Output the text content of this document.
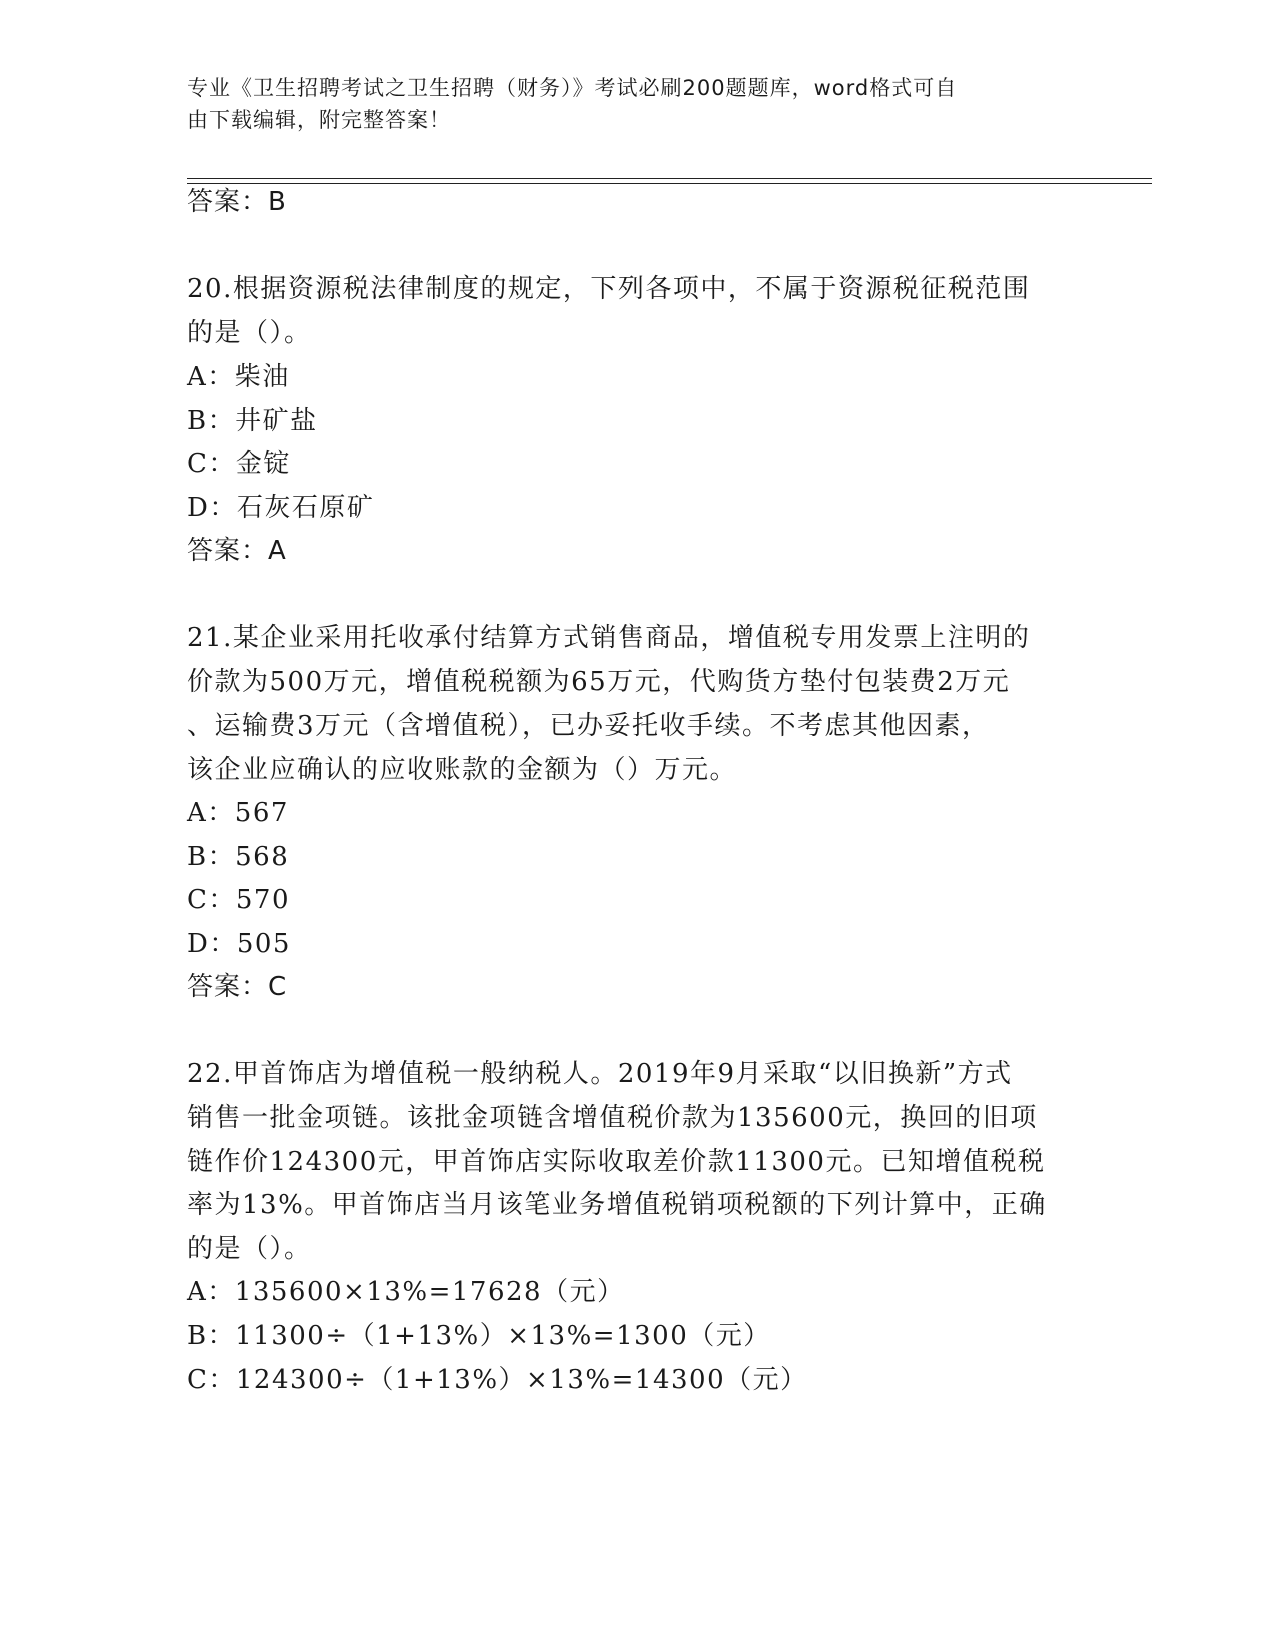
专业《卫生招聘考试之卫生招聘（财务）》考试必刷200题题库，word格式可自
由下载编辑，附完整答案！
答案：B
20.根据资源税法律制度的规定，下列各项中，不属于资源税征税范围
的是（）。
A：柴油
B：井矿盐
C：金锭
D：石灰石原矿
答案：A
21.某企业采用托收承付结算方式销售商品，增值税专用发票上注明的
价款为500万元，增值税税额为65万元，代购货方垫付包装费2万元
、运输费3万元（含增值税），已办妥托收手续。不考虑其他因素，
该企业应确认的应收账款的金额为（）万元。
A：567
B：568
C：570
D：505
答案：C
22.甲首饰店为增值税一般纳税人。2019年9月采取“以旧换新”方式
销售一批金项链。该批金项链含增值税价款为135600元，换回的旧项
链作价124300元，甲首饰店实际收取差价款11300元。已知增值税税
率为13%。甲首饰店当月该笔业务增值税销项税额的下列计算中，正确
的是（）。
A：135600×13%=17628（元）
B：11300÷（1+13%）×13%=1300（元）
C：124300÷（1+13%）×13%=14300（元）
